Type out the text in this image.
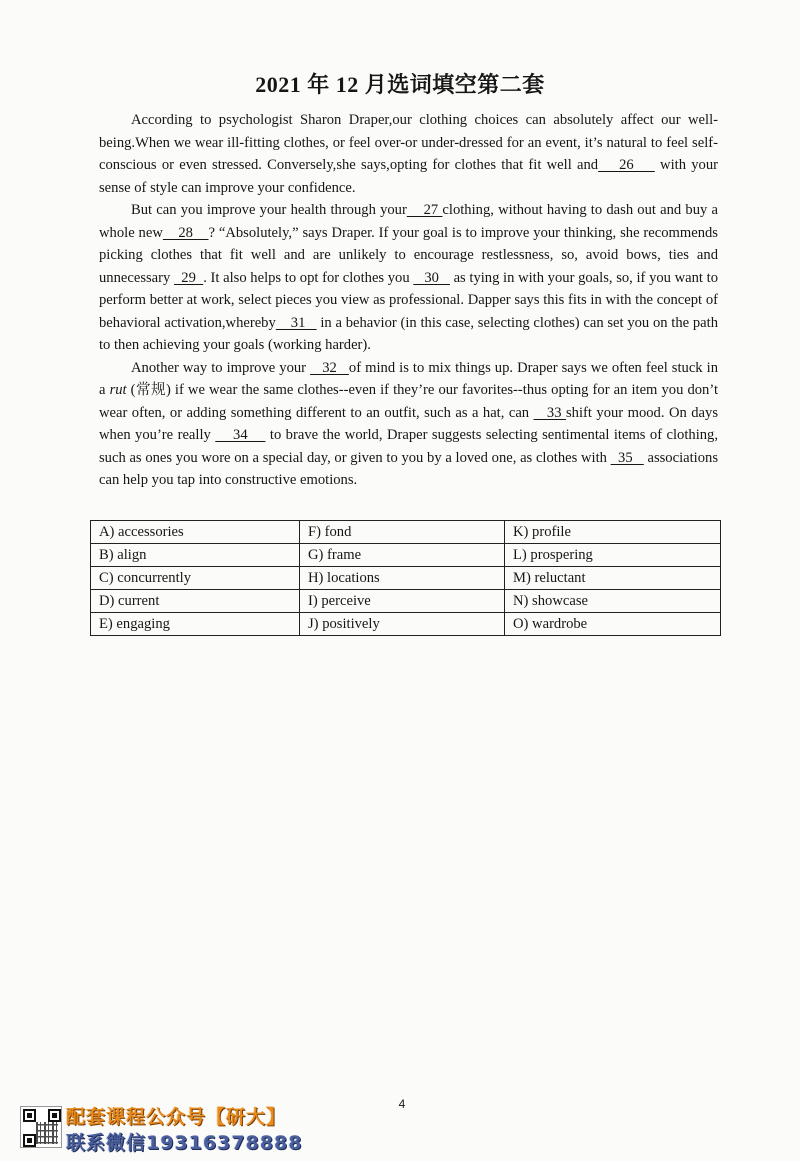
2021 年 12 月选词填空第二套

According to psychologist Sharon Draper,our clothing choices can absolutely affect our well-being.When we wear ill-fitting clothes, or feel over-or under-dressed for an event, it’s natural to feel self-conscious or even stressed. Conversely,she says,opting for clothes that fit well and    26     with your sense of style can improve your confidence.

But can you improve your health through your    27 clothing, without having to dash out and buy a whole new    28    ? “Absolutely,” says Draper. If your goal is to improve your thinking, she recommends picking clothes that fit well and are unlikely to encourage restlessness, so, avoid bows, ties and unnecessary   29  . It also helps to opt for clothes you    30    as tying in with your goals, so, if you want to perform better at work, select pieces you view as professional. Dapper says this fits in with the concept of behavioral activation,whereby    31    in a behavior (in this case, selecting clothes) can set you on the path to then achieving your goals (working harder).

Another way to improve your    32   of mind is to mix things up. Draper says we often feel stuck in a rut (常规) if we wear the same clothes--even if they’re our favorites--thus opting for an item you don’t wear often, or adding something different to an outfit, such as a hat, can    33 shift your mood. On days when you’re really     34     to brave the world, Draper suggests selecting sentimental items of clothing, such as ones you wore on a special day, or given to you by a loved one, as clothes with   35    associations can help you tap into constructive emotions.

A) accessories	F) fond	K) profile
B) align	G) frame	L) prospering
C) concurrently	H) locations	M) reluctant
D) current	I) perceive	N) showcase
E) engaging	J) positively	O) wardrobe
4
配套课程公众号【研大】
联系微信19316378888
